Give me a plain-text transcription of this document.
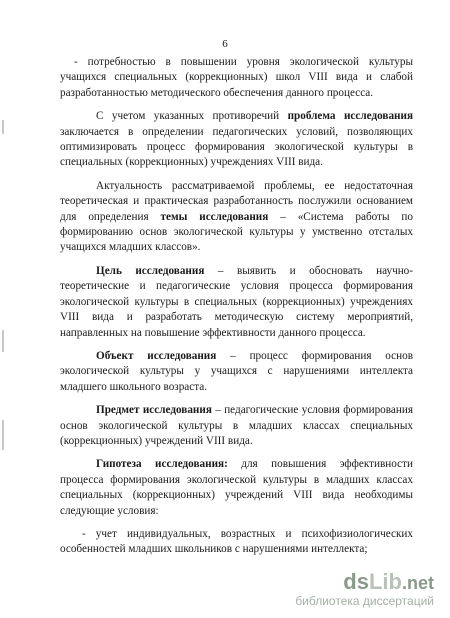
6

- потребностью в повышении уровня экологической культуры учащихся специальных (коррекционных) школ VIII вида и слабой разработанностью методического обеспечения данного процесса.

С учетом указанных противоречий проблема исследования заключается в определении педагогических условий, позволяющих оптимизировать процесс формирования экологической культуры в специальных (коррекционных) учреждениях VIII вида.

Актуальность рассматриваемой проблемы, ее недостаточная теоретическая и практическая разработанность послужили основанием для определения темы исследования – «Система работы по формированию основ экологической культуры у умственно отсталых учащихся младших классов».

Цель исследования – выявить и обосновать научно-теоретические и педагогические условия процесса формирования экологической культуры в специальных (коррекционных) учреждениях VIII вида и разработать методическую систему мероприятий, направленных на повышение эффективности данного процесса.

Объект исследования – процесс формирования основ экологической культуры у учащихся с нарушениями интеллекта младшего школьного возраста.

Предмет исследования – педагогические условия формирования основ экологической культуры в младших классах специальных (коррекционных) учреждений VIII вида.

Гипотеза исследования: для повышения эффективности процесса формирования экологической культуры в младших классах специальных (коррекционных) учреждений VIII вида необходимы следующие условия:

- учет индивидуальных, возрастных и психофизиологических особенностей младших школьников с нарушениями интеллекта;

dsLib.net
библиотека диссертаций
